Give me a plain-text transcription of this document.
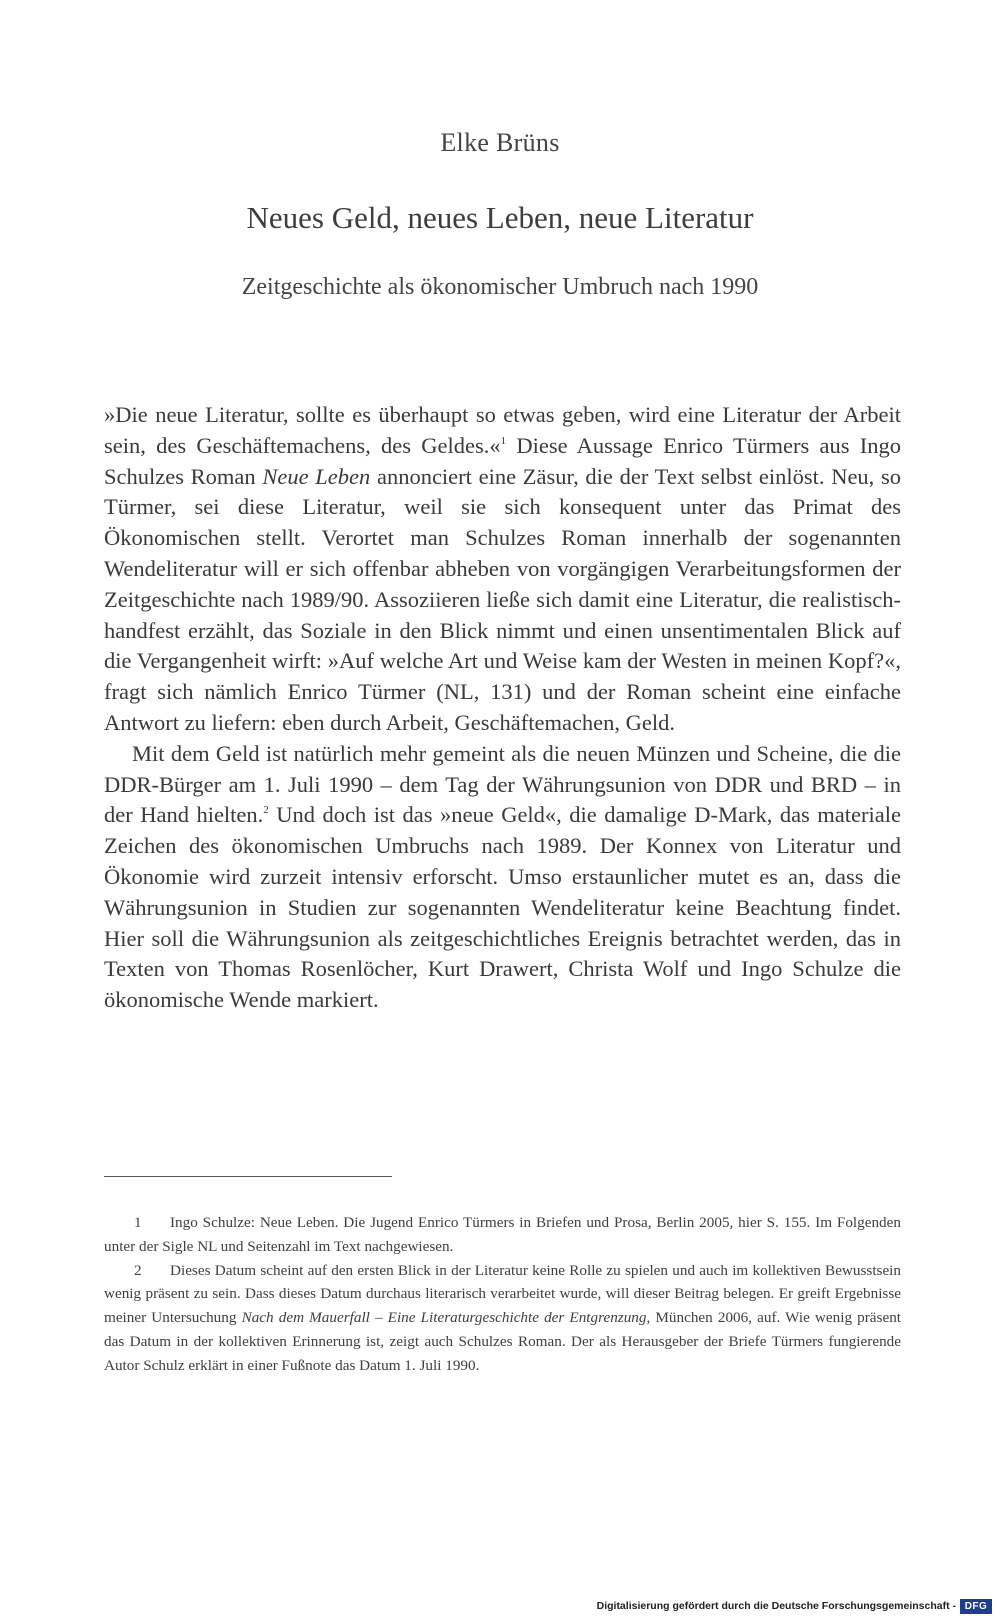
Elke Brüns
Neues Geld, neues Leben, neue Literatur
Zeitgeschichte als ökonomischer Umbruch nach 1990

»Die neue Literatur, sollte es überhaupt so etwas geben, wird eine Literatur der Arbeit sein, des Geschäftemachens, des Geldes.«$^1$ Diese Aussage Enrico Türmers aus Ingo Schulzes Roman Neue Leben annonciert eine Zäsur, die der Text selbst einlöst. Neu, so Türmer, sei diese Literatur, weil sie sich konsequent unter das Primat des Ökonomischen stellt. Verortet man Schulzes Roman innerhalb der sogenannten Wendeliteratur will er sich offenbar abheben von vorgängigen Verarbeitungsformen der Zeitgeschichte nach 1989/90. Assoziieren ließe sich damit eine Literatur, die realistisch-handfest erzählt, das Soziale in den Blick nimmt und einen unsentimentalen Blick auf die Vergangenheit wirft: »Auf welche Art und Weise kam der Westen in meinen Kopf?«, fragt sich nämlich Enrico Türmer (NL, 131) und der Roman scheint eine einfache Antwort zu liefern: eben durch Arbeit, Geschäftemachen, Geld.

Mit dem Geld ist natürlich mehr gemeint als die neuen Münzen und Scheine, die die DDR-Bürger am 1. Juli 1990 – dem Tag der Währungsunion von DDR und BRD – in der Hand hielten.$^2$ Und doch ist das »neue Geld«, die damalige D-Mark, das materiale Zeichen des ökonomischen Umbruchs nach 1989. Der Konnex von Literatur und Ökonomie wird zurzeit intensiv erforscht. Umso erstaunlicher mutet es an, dass die Währungsunion in Studien zur sogenannten Wendeliteratur keine Beachtung findet. Hier soll die Währungsunion als zeitgeschichtliches Ereignis betrachtet werden, das in Texten von Thomas Rosenlöcher, Kurt Drawert, Christa Wolf und Ingo Schulze die ökonomische Wende markiert.

1 Ingo Schulze: Neue Leben. Die Jugend Enrico Türmers in Briefen und Prosa, Berlin 2005, hier S. 155. Im Folgenden unter der Sigle NL und Seitenzahl im Text nachgewiesen.

2 Dieses Datum scheint auf den ersten Blick in der Literatur keine Rolle zu spielen und auch im kollektiven Bewusstsein wenig präsent zu sein. Dass dieses Datum durchaus literarisch verarbeitet wurde, will dieser Beitrag belegen. Er greift Ergebnisse meiner Untersuchung Nach dem Mauerfall – Eine Literaturgeschichte der Entgrenzung, München 2006, auf. Wie wenig präsent das Datum in der kollektiven Erinnerung ist, zeigt auch Schulzes Roman. Der als Herausgeber der Briefe Türmers fungierende Autor Schulz erklärt in einer Fußnote das Datum 1. Juli 1990.

Digitalisierung gefördert durch die Deutsche Forschungsgemeinschaft - DFG
